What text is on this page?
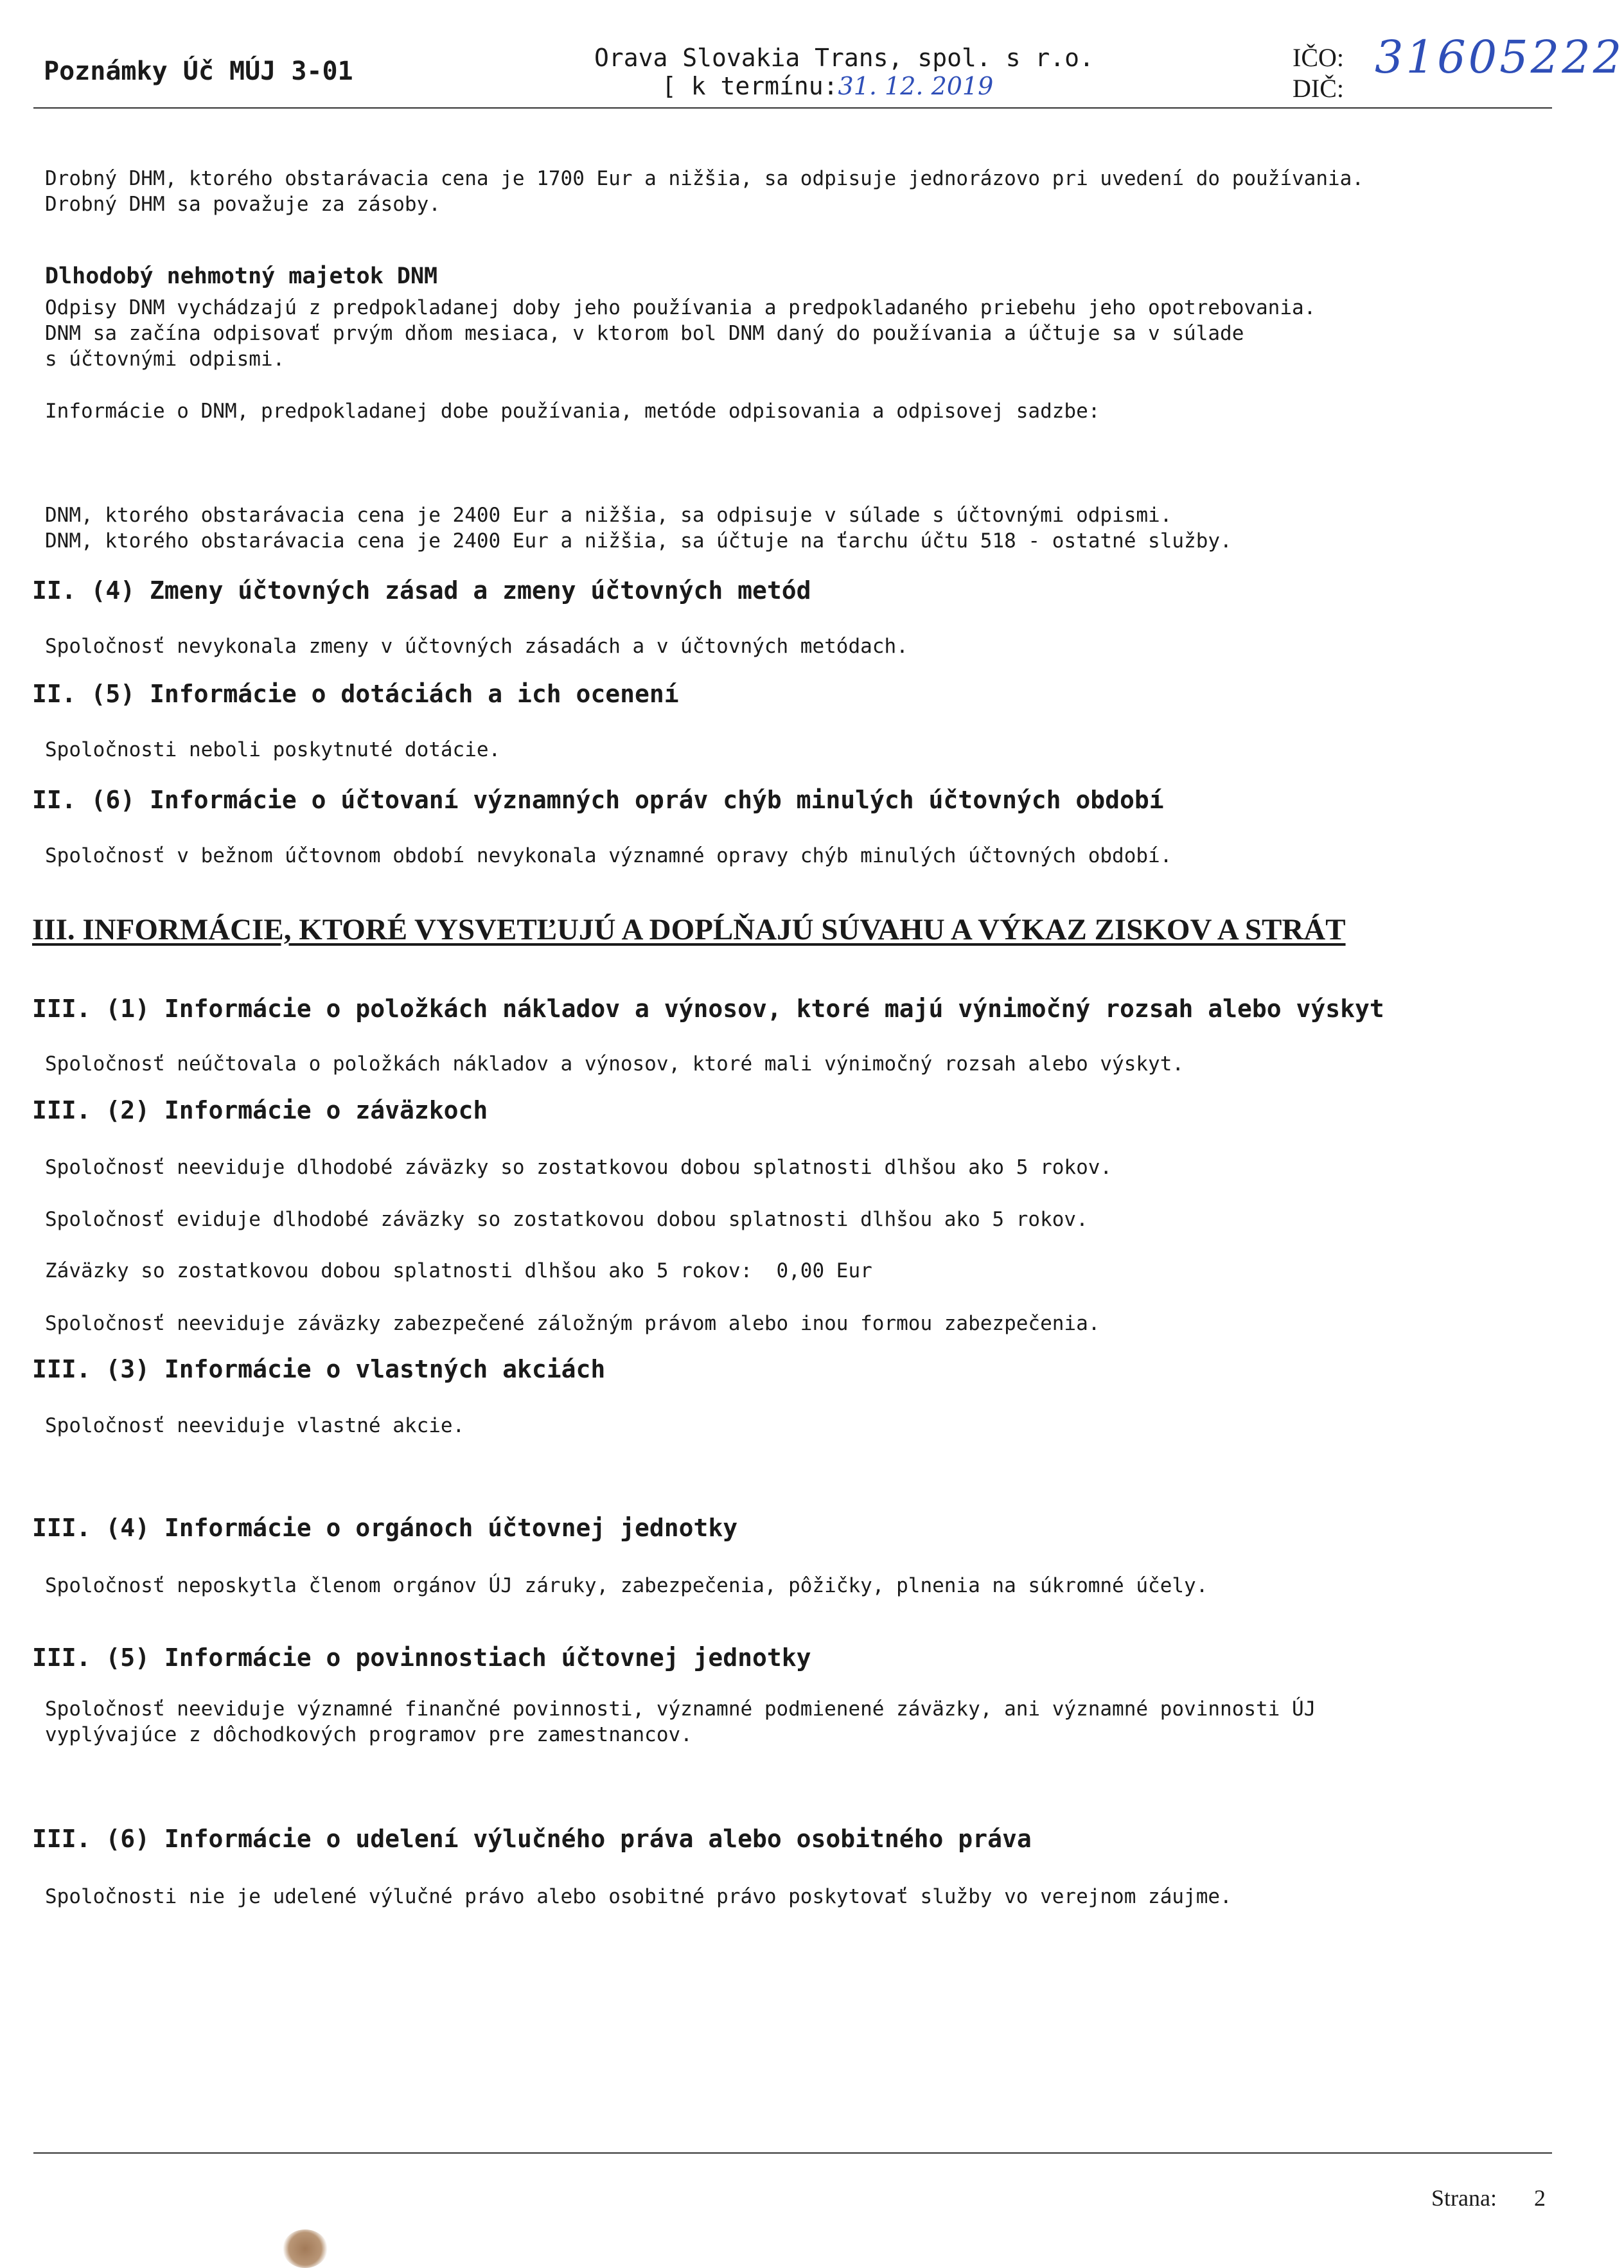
Poznámky Úč MÚJ 3-01	Orava Slovakia Trans, spol. s r.o.
[ k termínu:31. 12. 2019
IČO:
DIČ:
31605222
Drobný DHM, ktorého obstarávacia cena je 1700 Eur a nižšia, sa odpisuje jednorázovo pri uvedení do používania.
Drobný DHM sa považuje za zásoby.
Dlhodobý nehmotný majetok DNM
Odpisy DNM vychádzajú z predpokladanej doby jeho používania a predpokladaného priebehu jeho opotrebovania.
DNM sa začína odpisovať prvým dňom mesiaca, v ktorom bol DNM daný do používania a účtuje sa v súlade
s účtovnými odpismi.
Informácie o DNM, predpokladanej dobe používania, metóde odpisovania a odpisovej sadzbe:
DNM, ktorého obstarávacia cena je 2400 Eur a nižšia, sa odpisuje v súlade s účtovnými odpismi.
DNM, ktorého obstarávacia cena je 2400 Eur a nižšia, sa účtuje na ťarchu účtu 518 - ostatné služby.
II. (4) Zmeny účtovných zásad a zmeny účtovných metód
Spoločnosť nevykonala zmeny v účtovných zásadách a v účtovných metódach.
II. (5) Informácie o dotáciách a ich ocenení
Spoločnosti neboli poskytnuté dotácie.
II. (6) Informácie o účtovaní významných opráv chýb minulých účtovných období
Spoločnosť v bežnom účtovnom období nevykonala významné opravy chýb minulých účtovných období.
III. INFORMÁCIE, KTORÉ VYSVETĽUJÚ A DOPĹŇAJÚ SÚVAHU A VÝKAZ ZISKOV A STRÁT
III. (1) Informácie o položkách nákladov a výnosov, ktoré majú výnimočný rozsah alebo výskyt
Spoločnosť neúčtovala o položkách nákladov a výnosov, ktoré mali výnimočný rozsah alebo výskyt.
III. (2) Informácie o záväzkoch
Spoločnosť neeviduje dlhodobé záväzky so zostatkovou dobou splatnosti dlhšou ako 5 rokov.
Spoločnosť eviduje dlhodobé záväzky so zostatkovou dobou splatnosti dlhšou ako 5 rokov.
Záväzky so zostatkovou dobou splatnosti dlhšou ako 5 rokov:  0,00 Eur
Spoločnosť neeviduje záväzky zabezpečené záložným právom alebo inou formou zabezpečenia.
III. (3) Informácie o vlastných akciách
Spoločnosť neeviduje vlastné akcie.
III. (4) Informácie o orgánoch účtovnej jednotky
Spoločnosť neposkytla členom orgánov ÚJ záruky, zabezpečenia, pôžičky, plnenia na súkromné účely.
III. (5) Informácie o povinnostiach účtovnej jednotky
Spoločnosť neeviduje významné finančné povinnosti, významné podmienené záväzky, ani významné povinnosti ÚJ
vyplývajúce z dôchodkových programov pre zamestnancov.
III. (6) Informácie o udelení výlučného práva alebo osobitného práva
Spoločnosti nie je udelené výlučné právo alebo osobitné právo poskytovať služby vo verejnom záujme.
Strana: 2
